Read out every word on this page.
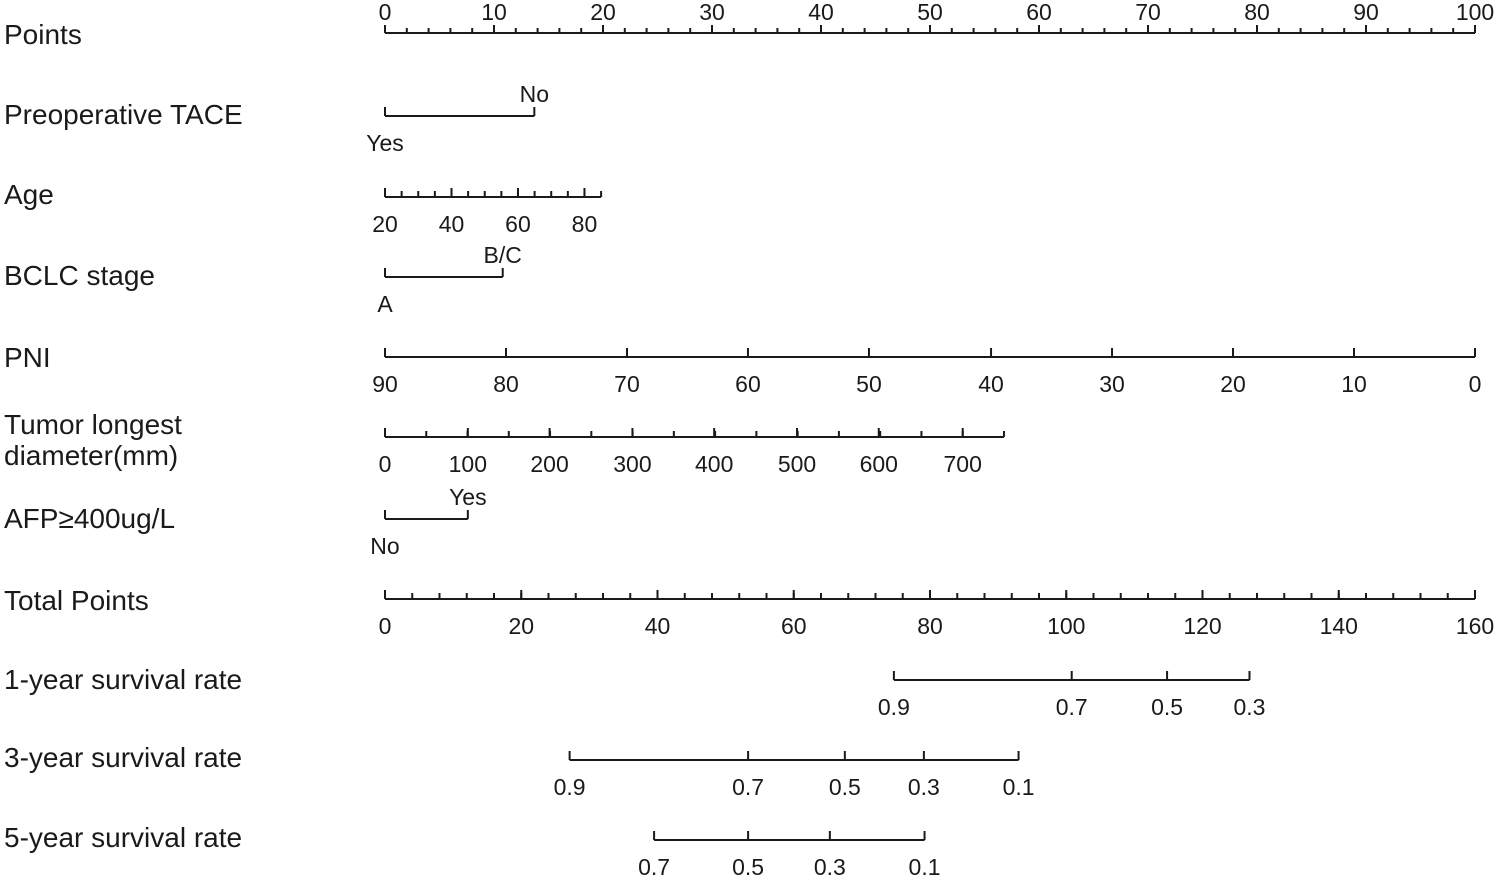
Points
0	10	20	30	40	50	60	70	80	90	100
Preoperative TACE
Yes
No
Age
20 40 60 80
BCLC stage
A
B/C
PNI
90	80	70	60	50	40	30	20	10	0
Tumor longest diameter(mm)	0 100 200 300 400 500 600 700
AFP≥400ug/L
No
Yes
Total Points
0	20	40	60	80	100	120	140	160
1-year survival rate
0.9	0.7	0.5 0.3
3-year survival rate
0.9	0.7	0.5 0.3	0.1
5-year survival rate
0.7	0.5 0.3	0.1
